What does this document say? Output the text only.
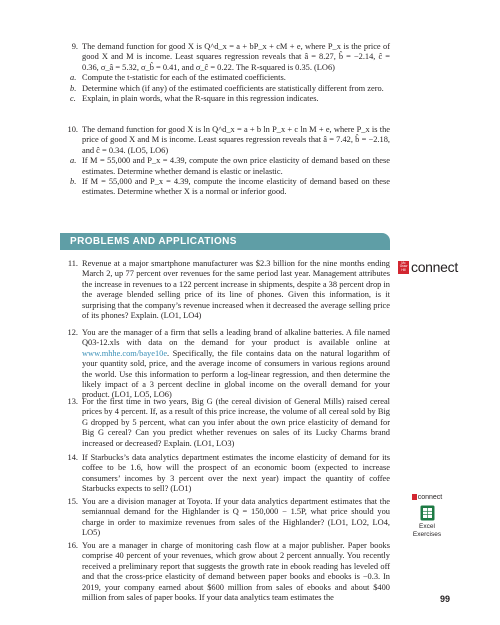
9. The demand function for good X is Q^d_x = a + bP_x + cM + e, where P_x is the price of good X and M is income. Least squares regression reveals that â = 8.27, b̂ = −2.14, ĉ = 0.36, σ_â = 5.32, σ_b̂ = 0.41, and σ_ĉ = 0.22. The R-squared is 0.35. (LO6)
a. Compute the t-statistic for each of the estimated coefficients.
b. Determine which (if any) of the estimated coefficients are statistically different from zero.
c. Explain, in plain words, what the R-square in this regression indicates.
10. The demand function for good X is ln Q^d_x = a + b ln P_x + c ln M + e, where P_x is the price of good X and M is income. Least squares regression reveals that â = 7.42, b̂ = −2.18, and ĉ = 0.34. (LO5, LO6)
a. If M = 55,000 and P_x = 4.39, compute the own price elasticity of demand based on these estimates. Determine whether demand is elastic or inelastic.
b. If M = 55,000 and P_x = 4.39, compute the income elasticity of demand based on these estimates. Determine whether X is a normal or inferior good.
PROBLEMS AND APPLICATIONS
Mc Graw Hill connect
11. Revenue at a major smartphone manufacturer was $2.3 billion for the nine months ending March 2, up 77 percent over revenues for the same period last year. Management attributes the increase in revenues to a 122 percent increase in shipments, despite a 38 percent drop in the average blended selling price of its line of phones. Given this information, is it surprising that the company’s revenue increased when it decreased the average selling price of its phones? Explain. (LO1, LO4)
12. You are the manager of a firm that sells a leading brand of alkaline batteries. A file named Q03-12.xls with data on the demand for your product is available online at www.mhhe.com/baye10e. Specifically, the file contains data on the natural logarithm of your quantity sold, price, and the average income of consumers in various regions around the world. Use this information to perform a log-linear regression, and then determine the likely impact of a 3 percent decline in global income on the overall demand for your product. (LO1, LO5, LO6)
13. For the first time in two years, Big G (the cereal division of General Mills) raised cereal prices by 4 percent. If, as a result of this price increase, the volume of all cereal sold by Big G dropped by 5 percent, what can you infer about the own price elasticity of demand for Big G cereal? Can you predict whether revenues on sales of its Lucky Charms brand increased or decreased? Explain. (LO1, LO3)
14. If Starbucks’s data analytics department estimates the income elasticity of demand for its coffee to be 1.6, how will the prospect of an economic boom (expected to increase consumers’ incomes by 3 percent over the next year) impact the quantity of coffee Starbucks expects to sell? (LO1)
15. You are a division manager at Toyota. If your data analytics department estimates that the semiannual demand for the Highlander is Q = 150,000 − 1.5P, what price should you charge in order to maximize revenues from sales of the Highlander? (LO1, LO2, LO4, LO5)
connect
Excel
Exercises
16. You are a manager in charge of monitoring cash flow at a major publisher. Paper books comprise 40 percent of your revenues, which grow about 2 percent annually. You recently received a preliminary report that suggests the growth rate in ebook reading has leveled off and that the cross-price elasticity of demand between paper books and ebooks is −0.3. In 2019, your company earned about $600 million from sales of ebooks and about $400 million from sales of paper books. If your data analytics team estimates the	99
